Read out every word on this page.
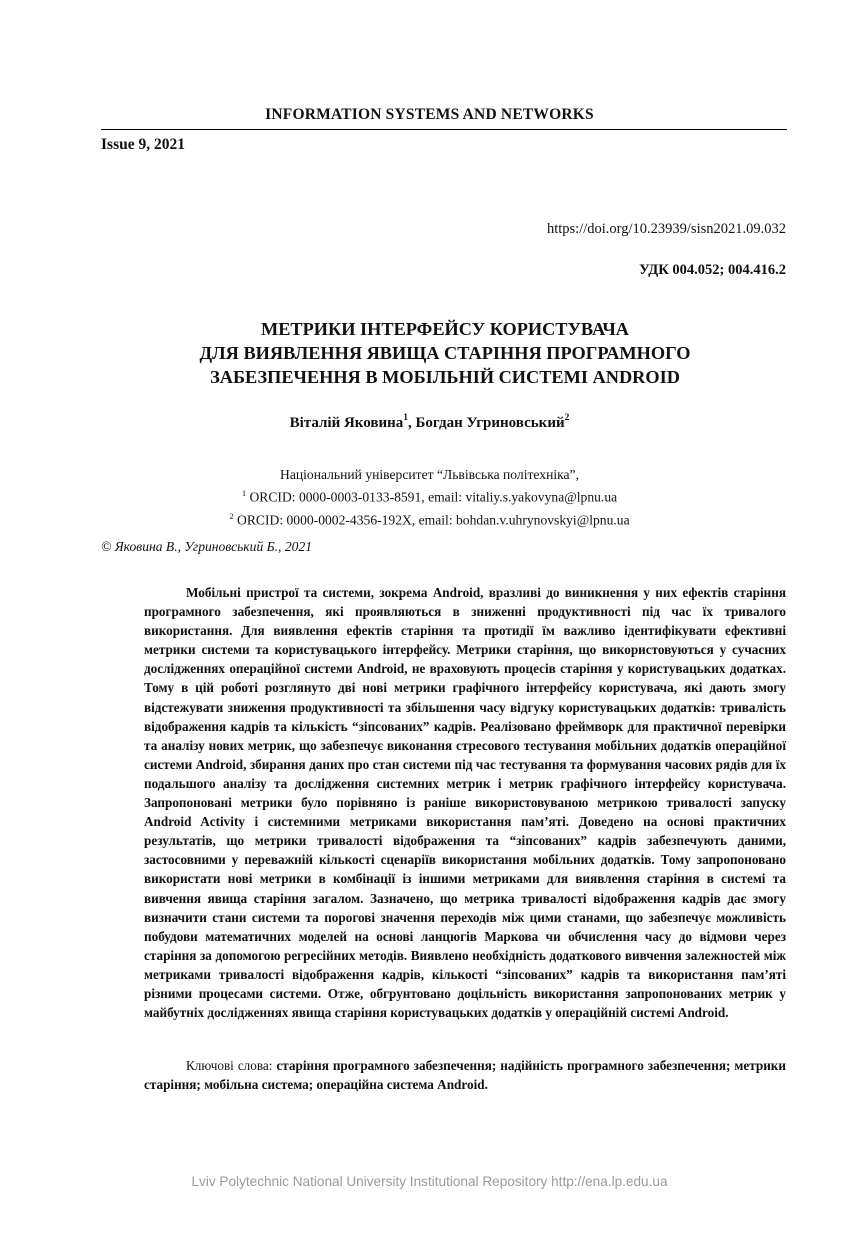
INFORMATION SYSTEMS AND NETWORKS
Issue 9, 2021
https://doi.org/10.23939/sisn2021.09.032
УДК 004.052; 004.416.2
МЕТРИКИ ІНТЕРФЕЙСУ КОРИСТУВАЧА
ДЛЯ ВИЯВЛЕННЯ ЯВИЩА СТАРІННЯ ПРОГРАМНОГО
ЗАБЕЗПЕЧЕННЯ В МОБІЛЬНІЙ СИСТЕМІ ANDROID
Віталій Яковина$^1$, Богдан Угриновський$^2$
Національний університет “Львівська політехніка”,
$^1$ ORCID: 0000-0003-0133-8591, email: vitaliy.s.yakovyna@lpnu.ua
$^2$ ORCID: 0000-0002-4356-192X, email: bohdan.v.uhrynovskyi@lpnu.ua
© Яковина В., Угриновський Б., 2021
Мобільні пристрої та системи, зокрема Android, вразливі до виникнення у них ефектів старіння програмного забезпечення, які проявляються в зниженні продуктивності під час їх тривалого використання. Для виявлення ефектів старіння та протидії їм важливо ідентифікувати ефективні метрики системи та користувацького інтерфейсу. Метрики старіння, що використовуються у сучасних дослідженнях операційної системи Android, не враховують процесів старіння у користувацьких додатках. Тому в цій роботі розглянуто дві нові метрики графічного інтерфейсу користувача, які дають змогу відстежувати зниження продуктивності та збільшення часу відгуку користувацьких додатків: тривалість відображення кадрів та кількість “зіпсованих” кадрів. Реалізовано фреймворк для практичної перевірки та аналізу нових метрик, що забезпечує виконання стресового тестування мобільних додатків операційної системи Android, збирання даних про стан системи під час тестування та формування часових рядів для їх подальшого аналізу та дослідження системних метрик і метрик графічного інтерфейсу користувача. Запропоновані метрики було порівняно із раніше використовуваною метрикою тривалості запуску Android Activity і системними метриками використання пам’яті. Доведено на основі практичних результатів, що метрики тривалості відображення та “зіпсованих” кадрів забезпечують даними, застосовними у переважній кількості сценаріїв використання мобільних додатків. Тому запропоновано використати нові метрики в комбінації із іншими метриками для виявлення старіння в системі та вивчення явища старіння загалом. Зазначено, що метрика тривалості відображення кадрів дає змогу визначити стани системи та порогові значення переходів між цими станами, що забезпечує можливість побудови математичних моделей на основі ланцюгів Маркова чи обчислення часу до відмови через старіння за допомогою регресійних методів. Виявлено необхідність додаткового вивчення залежностей між метриками тривалості відображення кадрів, кількості “зіпсованих” кадрів та використання пам’яті різними процесами системи. Отже, обгрунтовано доцільність використання запропонованих метрик у майбутніх дослідженнях явища старіння користувацьких додатків у операційній системі Android.
Ключові слова: старіння програмного забезпечення; надійність програмного забезпечення; метрики старіння; мобільна система; операційна система Android.
Lviv Polytechnic National University Institutional Repository http://ena.lp.edu.ua
